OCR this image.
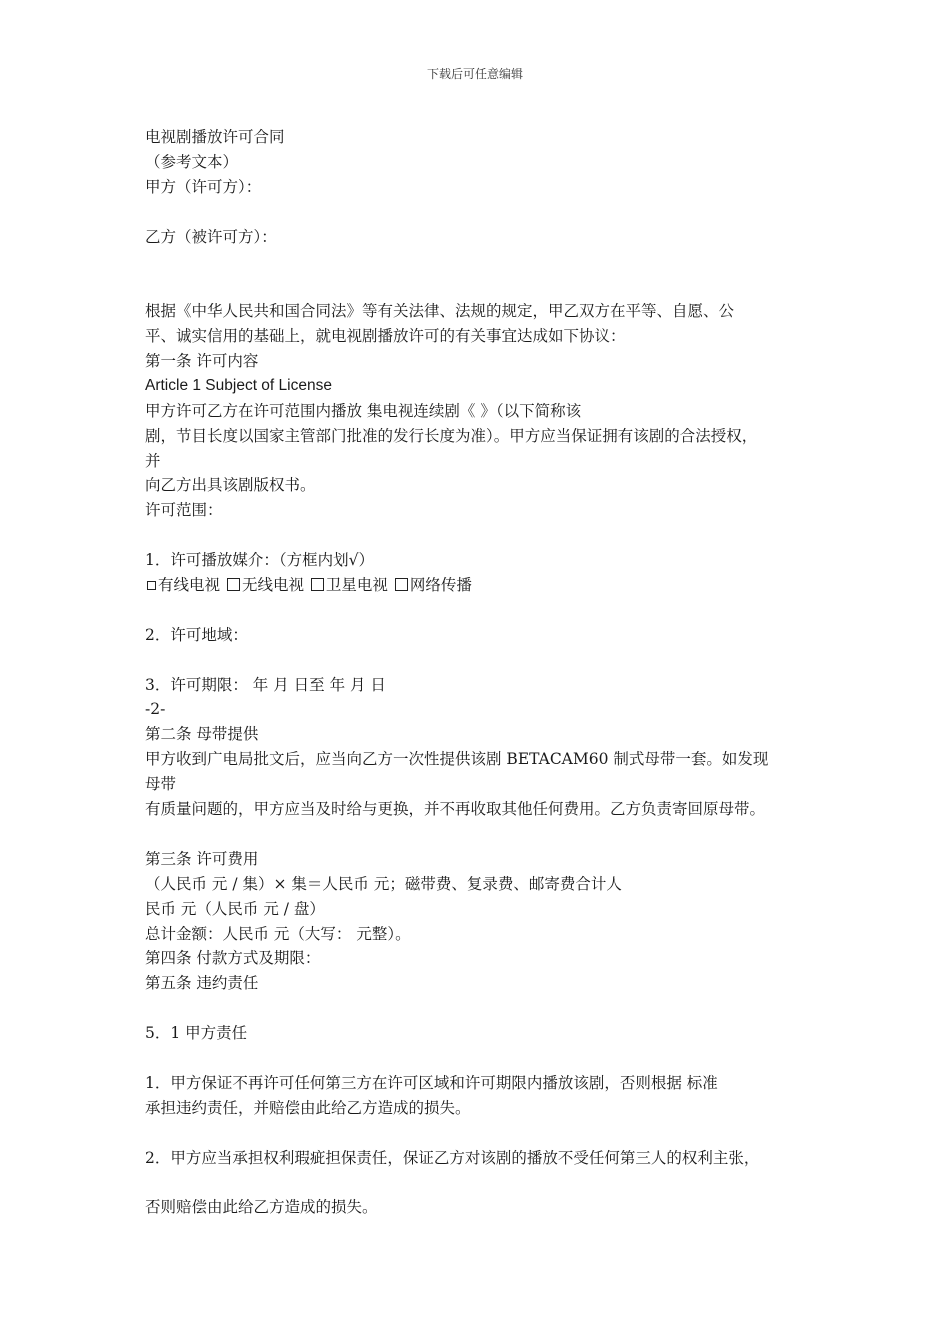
下载后可任意编辑
电视剧播放许可合同
（参考文本）
甲方（许可方）：
乙方（被许可方）：
根据《中华人民共和国合同法》等有关法律、法规的规定，甲乙双方在平等、自愿、公
平、诚实信用的基础上，就电视剧播放许可的有关事宜达成如下协议：
第一条 许可内容
Article 1 Subject of License
甲方许可乙方在许可范围内播放 集电视连续剧《 》（以下简称该
剧，节目长度以国家主管部门批准的发行长度为准）。甲方应当保证拥有该剧的合法授权，
并
向乙方出具该剧版权书。
许可范围：
1．许可播放媒介：（方框内划√）
有线电视 无线电视 卫星电视 网络传播
2．许可地域：
3．许可期限： 年 月 日至 年 月 日
-2-
第二条 母带提供
甲方收到广电局批文后，应当向乙方一次性提供该剧 BETACAM60 制式母带一套。如发现
母带
有质量问题的，甲方应当及时给与更换，并不再收取其他任何费用。乙方负责寄回原母带。
第三条 许可费用
（人民币 元 / 集）× 集＝人民币 元；磁带费、复录费、邮寄费合计人
民币 元（人民币 元 / 盘）
总计金额：人民币 元（大写： 元整）。
第四条 付款方式及期限：
第五条 违约责任
5．1 甲方责任
1．甲方保证不再许可任何第三方在许可区域和许可期限内播放该剧，否则根据 标准
承担违约责任，并赔偿由此给乙方造成的损失。
2．甲方应当承担权利瑕疵担保责任，保证乙方对该剧的播放不受任何第三人的权利主张，
否则赔偿由此给乙方造成的损失。
